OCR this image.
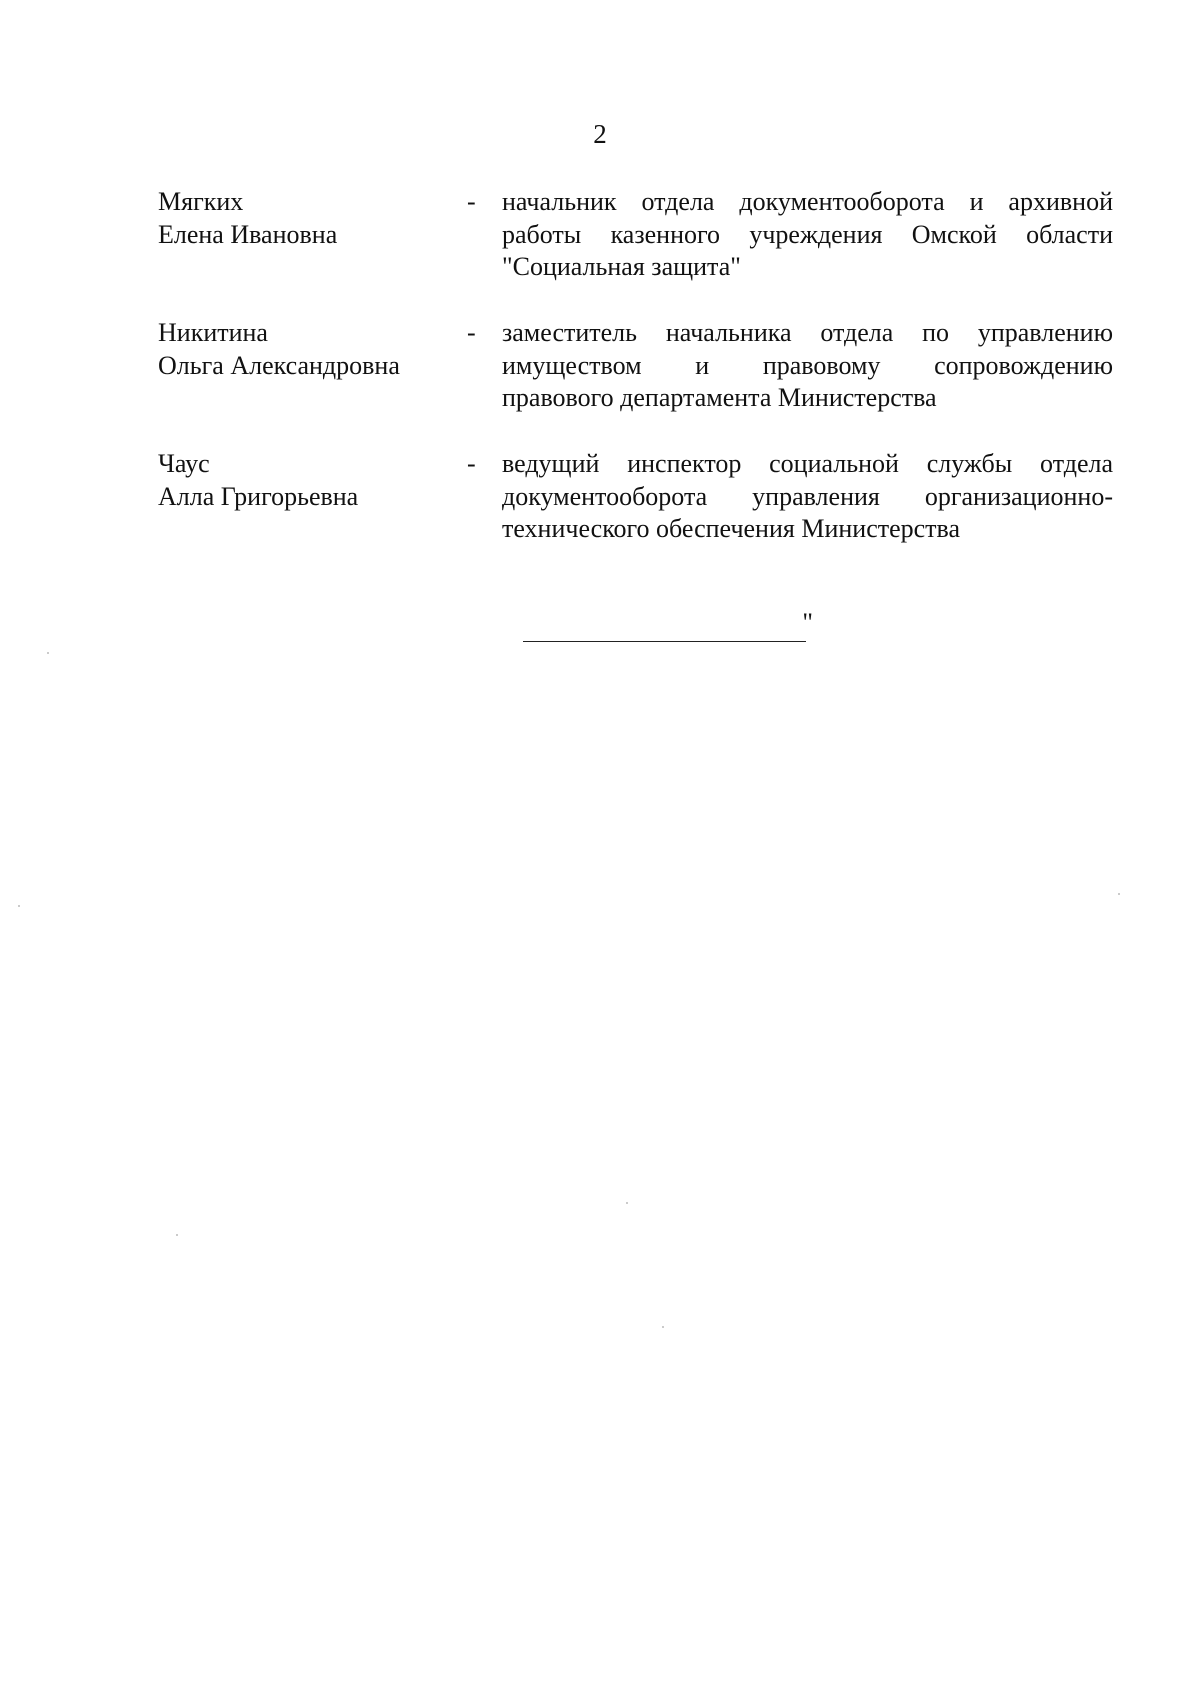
2
Мягких
Елена Ивановна
- начальник отдела документооборота и архивной
работы казенного учреждения Омской области
"Социальная защита"
Никитина
Ольга Александровна
- заместитель начальника отдела по управлению
имуществом и правовому сопровождению
правового департамента Министерства
Чаус
Алла Григорьевна
- ведущий инспектор социальной службы отдела
документооборота управления организационно-
технического обеспечения Министерства
"
